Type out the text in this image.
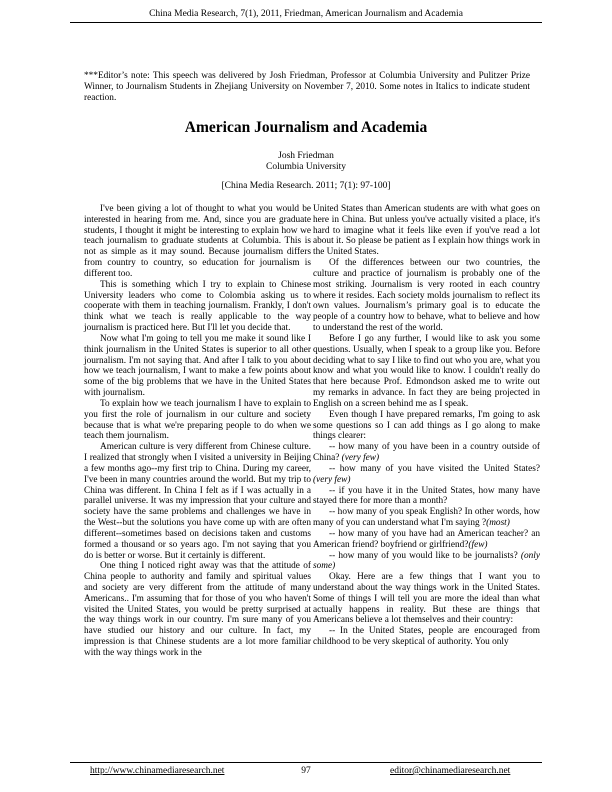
China Media Research, 7(1), 2011, Friedman, American Journalism and Academia
***Editor’s note: This speech was delivered by Josh Friedman, Professor at Columbia University and Pulitzer Prize Winner, to Journalism Students in Zhejiang University on November 7, 2010. Some notes in Italics to indicate student reaction.
American Journalism and Academia
Josh Friedman
Columbia University
[China Media Research. 2011; 7(1): 97-100]

I've been giving a lot of thought to what you would be interested in hearing from me. And, since you are graduate students, I thought it might be interesting to explain how we teach journalism to graduate students at Columbia. This is not as simple as it may sound. Because journalism differs from country to country, so education for journalism is different too.

This is something which I try to explain to Chinese University leaders who come to Colombia asking us to cooperate with them in teaching journalism. Frankly, I don't think what we teach is really applicable to the way journalism is practiced here. But I'll let you decide that.

Now what I'm going to tell you me make it sound like I think journalism in the United States is superior to all other journalism. I'm not saying that. And after I talk to you about how we teach journalism, I want to make a few points about some of the big problems that we have in the United States with journalism.

To explain how we teach journalism I have to explain to you first the role of journalism in our culture and society because that is what we're preparing people to do when we teach them journalism.

American culture is very different from Chinese culture. I realized that strongly when I visited a university in Beijing a few months ago--my first trip to China. During my career, I've been in many countries around the world. But my trip to China was different. In China I felt as if I was actually in a parallel universe. It was my impression that your culture and society have the same problems and challenges we have in the West--but the solutions you have come up with are often different--sometimes based on decisions taken and customs formed a thousand or so years ago. I'm not saying that you do is better or worse. But it certainly is different.

One thing I noticed right away was that the attitude of China people to authority and family and spiritual values and society are very different from the attitude of many Americans.. I'm assuming that for those of you who haven't visited the United States, you would be pretty surprised at the way things work in our country. I'm sure many of you have studied our history and our culture. In fact, my impression is that Chinese students are a lot more familiar with the way things work in the

United States than American students are with what goes on here in China. But unless you've actually visited a place, it's hard to imagine what it feels like even if you've read a lot about it. So please be patient as I explain how things work in the United States.

Of the differences between our two countries, the culture and practice of journalism is probably one of the most striking. Journalism is very rooted in each country where it resides. Each society molds journalism to reflect its own values. Journalism’s primary goal is to educate the people of a country how to behave, what to believe and how to understand the rest of the world.

Before I go any further, I would like to ask you some questions. Usually, when I speak to a group like you. Before deciding what to say I like to find out who you are, what you know and what you would like to know. I couldn't really do that here because Prof. Edmondson asked me to write out my remarks in advance. In fact they are being projected in English on a screen behind me as I speak.

Even though I have prepared remarks, I'm going to ask some questions so I can add things as I go along to make things clearer:

-- how many of you have been in a country outside of China? (very few)

-- how many of you have visited the United States? (very few)

-- if you have it in the United States, how many have stayed there for more than a month?

-- how many of you speak English? In other words, how many of you can understand what I'm saying ?(most)

-- how many of you have had an American teacher? an American friend? boyfriend or girlfriend?(few)

-- how many of you would like to be journalists? (only some)

Okay. Here are a few things that I want you to understand about the way things work in the United States. Some of things I will tell you are more the ideal than what actually happens in reality. But these are things that Americans believe a lot themselves and their country:

-- In the United States, people are encouraged from childhood to be very skeptical of authority. You only

http://www.chinamediaresearch.net	97	editor@chinamediaresearch.net
